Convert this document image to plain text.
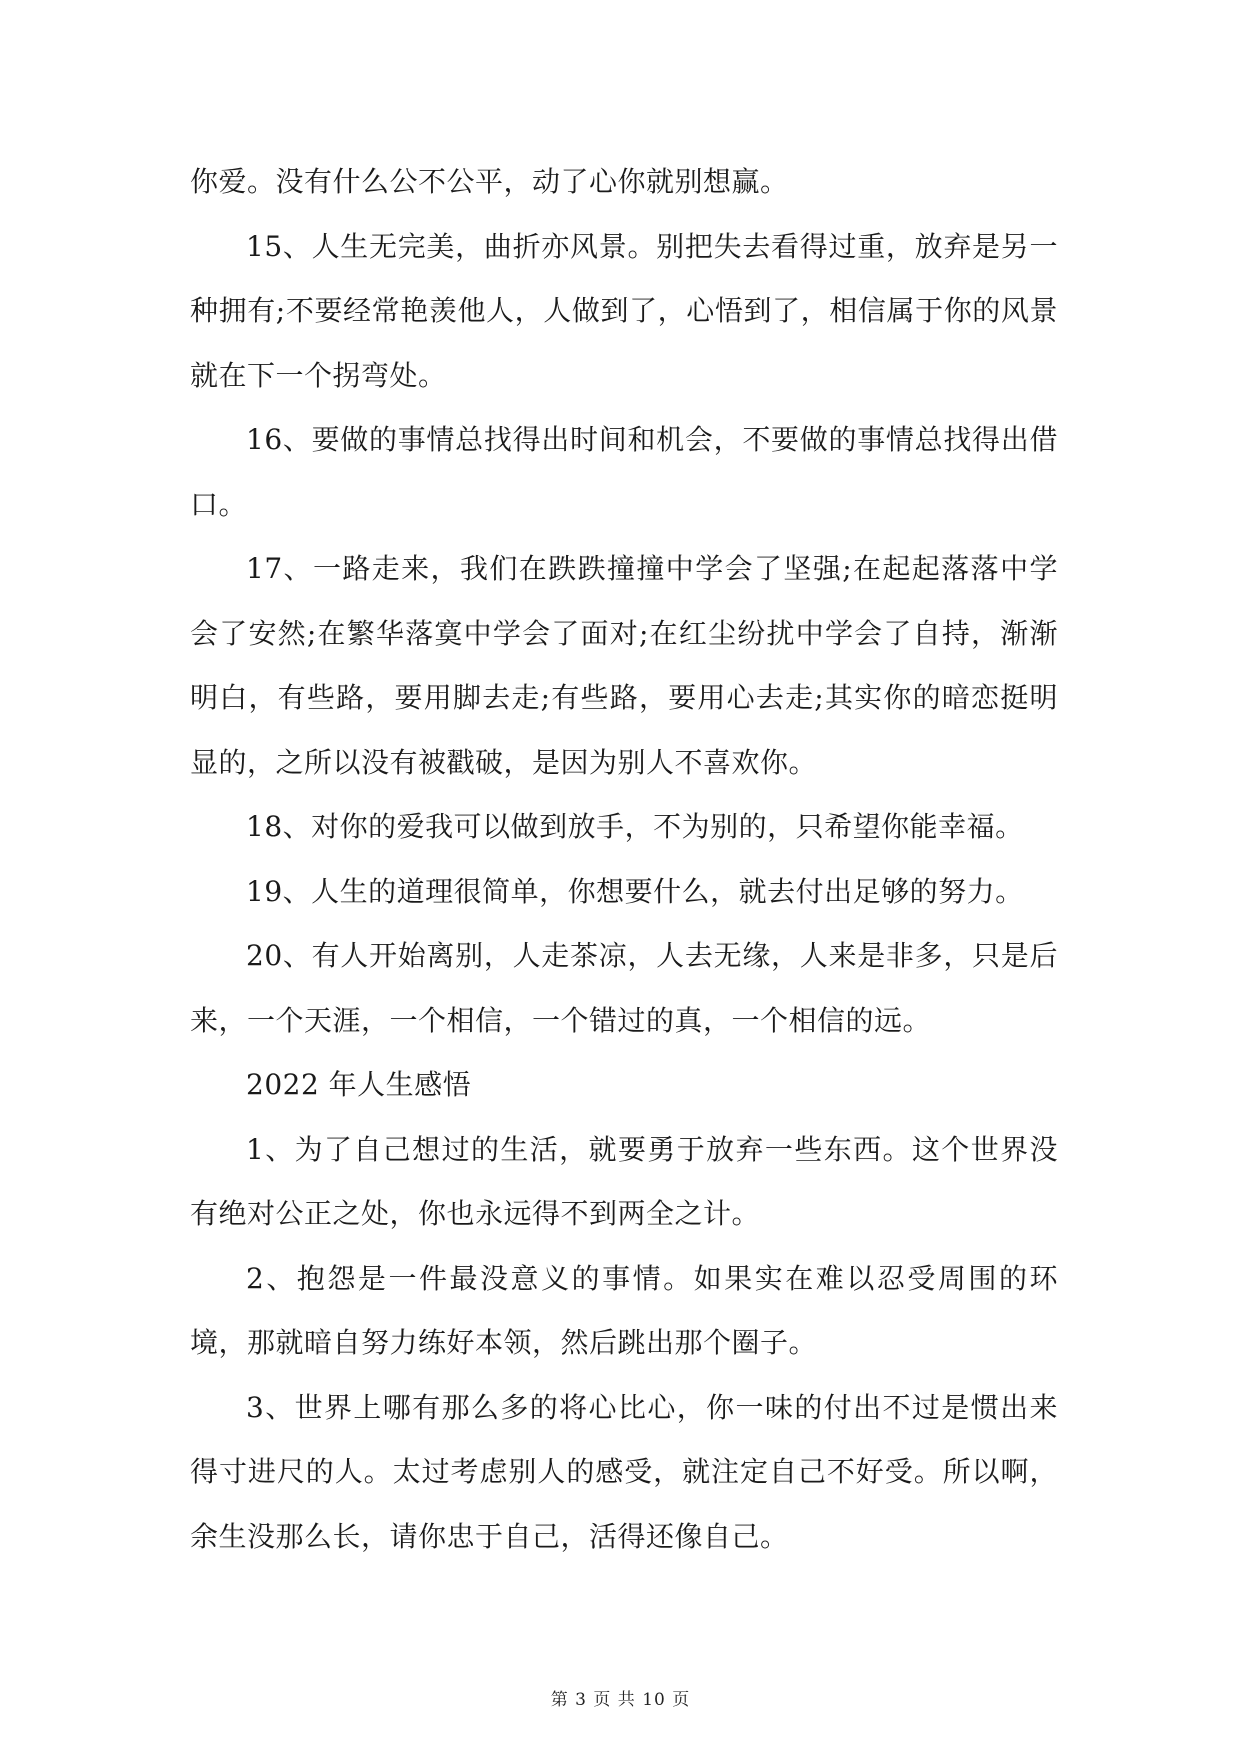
你爱。没有什么公不公平，动了心你就别想赢。

15、人生无完美，曲折亦风景。别把失去看得过重，放弃是另一种拥有;不要经常艳羡他人，人做到了，心悟到了，相信属于你的风景就在下一个拐弯处。

16、要做的事情总找得出时间和机会，不要做的事情总找得出借口。

17、一路走来，我们在跌跌撞撞中学会了坚强;在起起落落中学会了安然;在繁华落寞中学会了面对;在红尘纷扰中学会了自持，渐渐明白，有些路，要用脚去走;有些路，要用心去走;其实你的暗恋挺明显的，之所以没有被戳破，是因为别人不喜欢你。

18、对你的爱我可以做到放手，不为别的，只希望你能幸福。

19、人生的道理很简单，你想要什么，就去付出足够的努力。

20、有人开始离别，人走茶凉，人去无缘，人来是非多，只是后来，一个天涯，一个相信，一个错过的真，一个相信的远。

2022 年人生感悟

1、为了自己想过的生活，就要勇于放弃一些东西。这个世界没有绝对公正之处，你也永远得不到两全之计。

2、抱怨是一件最没意义的事情。如果实在难以忍受周围的环境，那就暗自努力练好本领，然后跳出那个圈子。

3、世界上哪有那么多的将心比心，你一味的付出不过是惯出来得寸进尺的人。太过考虑别人的感受，就注定自己不好受。所以啊，余生没那么长，请你忠于自己，活得还像自己。

第 3 页 共 10 页
